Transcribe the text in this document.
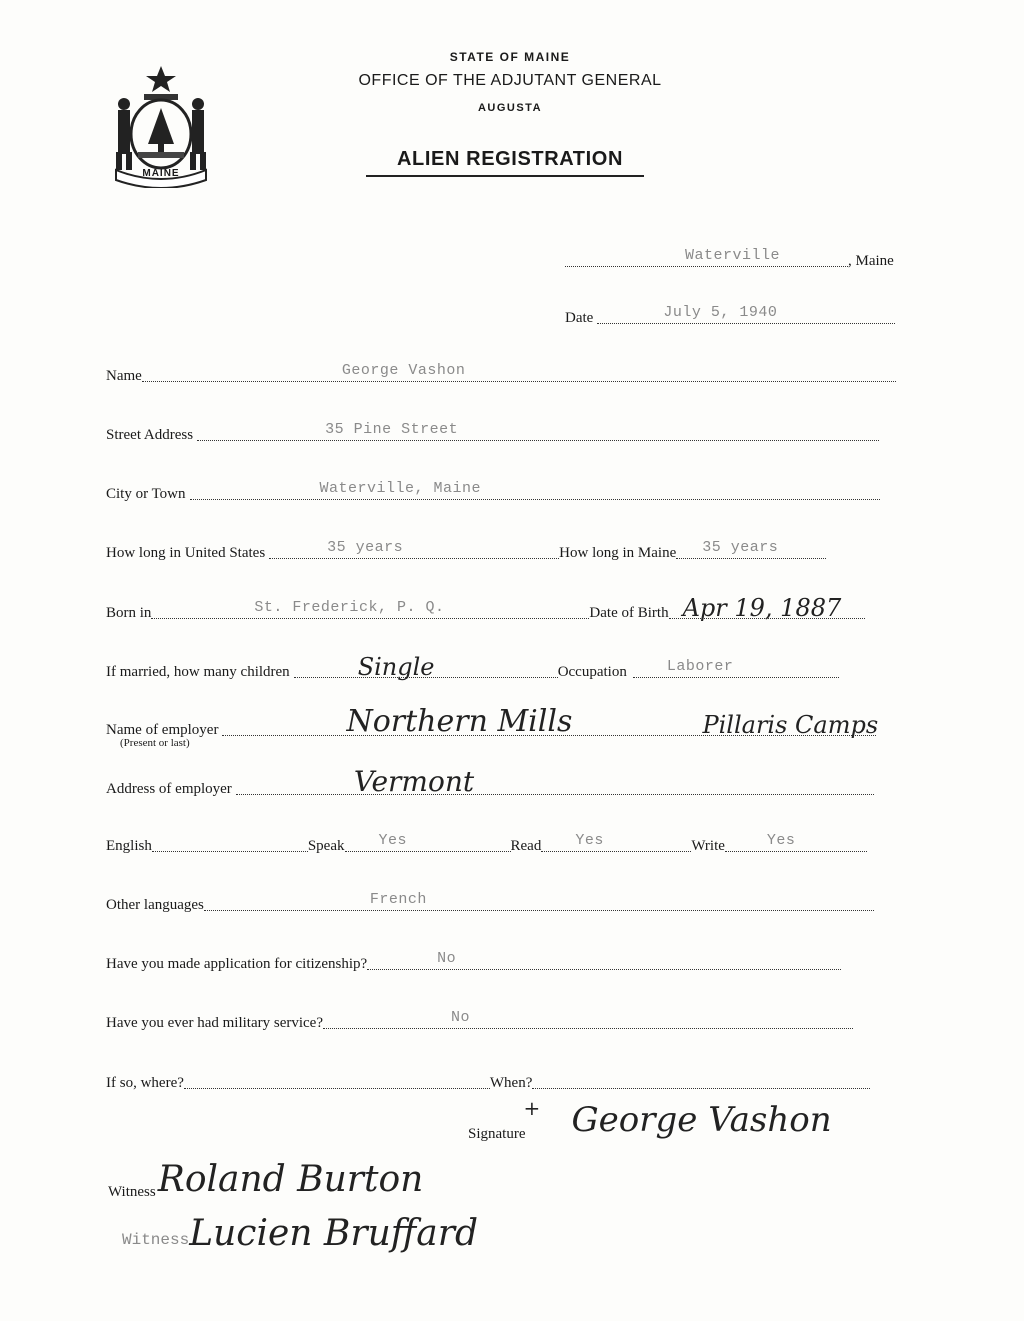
MAINE
STATE OF MAINE
OFFICE OF THE ADJUTANT GENERAL
AUGUSTA
ALIEN REGISTRATION
Waterville	, Maine
Date	July 5, 1940
Name	George Vashon
Street Address	35 Pine Street
City or Town	Waterville, Maine
How long in United States	35 years	How long in Maine 35 years
Born in	St. Frederick, P. Q.	Date of Birth Apr 19, 1887
If married, how many children	Single	Occupation	Laborer
Name of employer	Northern Mills	Pillaris Camps
(Present or last)
Address of employer	Vermont
English	Speak Yes	Read Yes	Write	Yes
Other languages	French
Have you made application for citizenship?	No
Have you ever had military service?	No
If so, where?	When?
Signature
+ George Vashon
Witness Roland Burton
Witness Lucien Bruffard
